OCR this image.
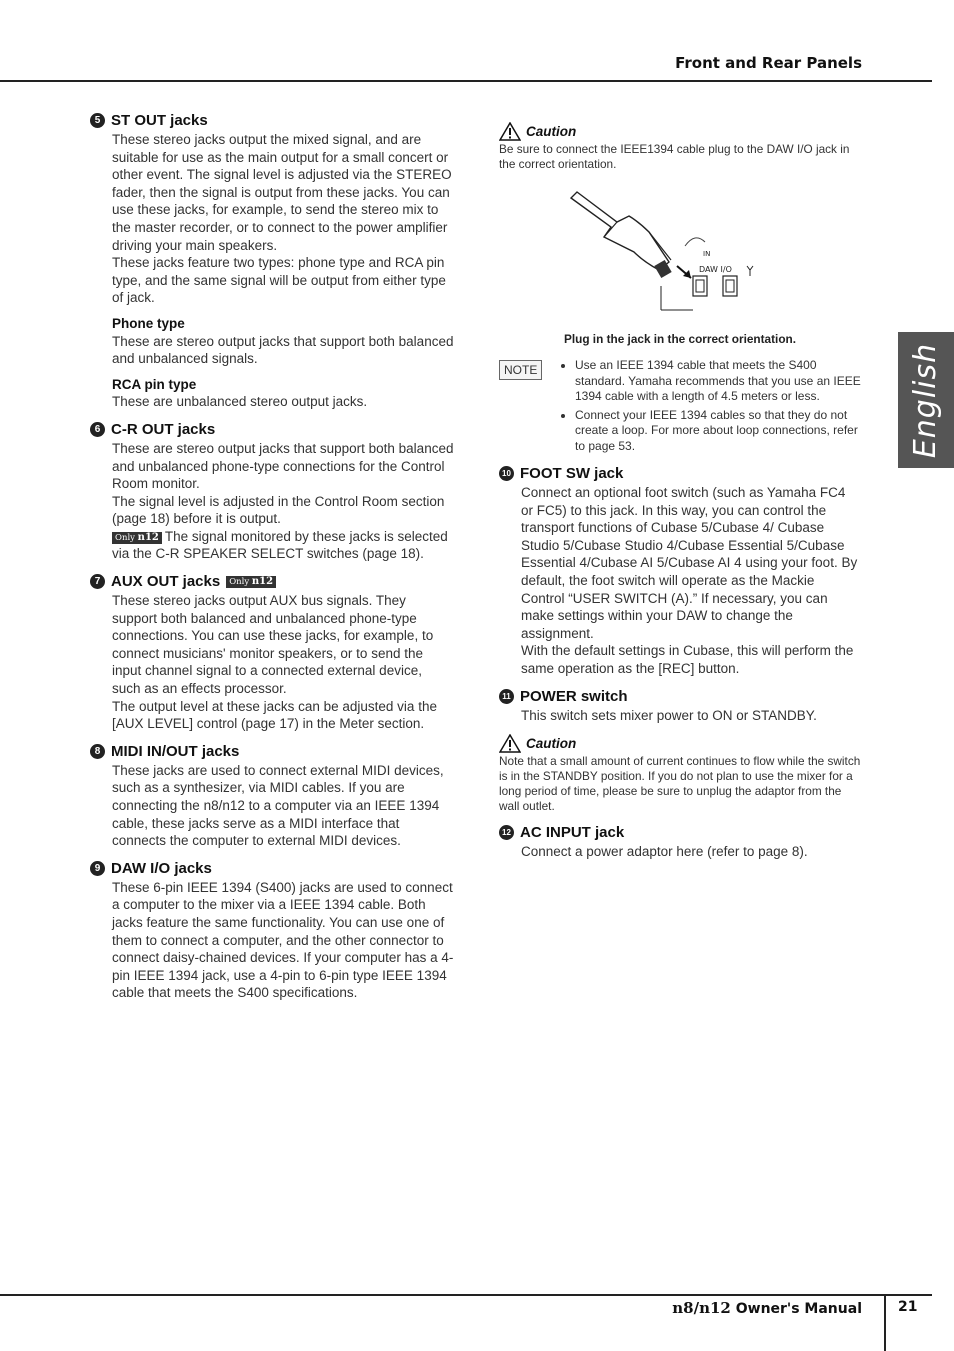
Front and Rear Panels
English
5 ST OUT jacks

These stereo jacks output the mixed signal, and are suitable for use as the main output for a small concert or other event. The signal level is adjusted via the STEREO fader, then the signal is output from these jacks. You can use these jacks, for example, to send the stereo mix to the master recorder, or to connect to the power amplifier driving your main speakers.

These jacks feature two types: phone type and RCA pin type, and the same signal will be output from either type of jack.

Phone type

These are stereo output jacks that support both balanced and unbalanced signals.

RCA pin type

These are unbalanced stereo output jacks.

6 C-R OUT jacks

These are stereo output jacks that support both balanced and unbalanced phone-type connections for the Control Room monitor.

The signal level is adjusted in the Control Room section (page 18) before it is output.

Only n12 The signal monitored by these jacks is selected via the C-R SPEAKER SELECT switches (page 18).

7 AUX OUT jacks	Only n12

These stereo jacks output AUX bus signals. They support both balanced and unbalanced phone-type connections. You can use these jacks, for example, to connect musicians' monitor speakers, or to send the input channel signal to a connected external device, such as an effects processor.

The output level at these jacks can be adjusted via the [AUX LEVEL] control (page 17) in the Meter section.

8 MIDI IN/OUT jacks

These jacks are used to connect external MIDI devices, such as a synthesizer, via MIDI cables. If you are connecting the n8/n12 to a computer via an IEEE 1394 cable, these jacks serve as a MIDI interface that connects the computer to external MIDI devices.

9 DAW I/O jacks

These 6-pin IEEE 1394 (S400) jacks are used to connect a computer to the mixer via a IEEE 1394 cable. Both jacks feature the same functionality. You can use one of them to connect a computer, and the other connector to connect daisy-chained devices. If your computer has a 4-pin IEEE 1394 jack, use a 4-pin to 6-pin type IEEE 1394 cable that meets the S400 specifications.

Caution
Be sure to connect the IEEE1394 cable plug to the DAW I/O jack in the correct orientation.
IN
DAW I/O
Plug in the jack in the correct orientation.
NOTE
•	Use an IEEE 1394 cable that meets the S400 standard. Yamaha recommends that you use an IEEE 1394 cable with a length of 4.5 meters or less.
• Connect your IEEE 1394 cables so that they do not create a loop. For more about loop connections, refer to page 53.
10 FOOT SW jack

Connect an optional foot switch (such as Yamaha FC4 or FC5) to this jack. In this way, you can control the transport functions of Cubase 5/Cubase 4/ Cubase Studio 5/Cubase Studio 4/Cubase Essential 5/Cubase Essential 4/Cubase AI 5/Cubase AI 4 using your foot. By default, the foot switch will operate as the Mackie Control “USER SWITCH (A).” If necessary, you can make settings within your DAW to change the assignment.

With the default settings in Cubase, this will perform the same operation as the [REC] button.

11 POWER switch

This switch sets mixer power to ON or STANDBY.

Caution
Note that a small amount of current continues to flow while the switch is in the STANDBY position. If you do not plan to use the mixer for a long period of time, please be sure to unplug the adaptor from the wall outlet.
12 AC INPUT jack

Connect a power adaptor here (refer to page 8).

n8/n12 Owner's Manual	21
